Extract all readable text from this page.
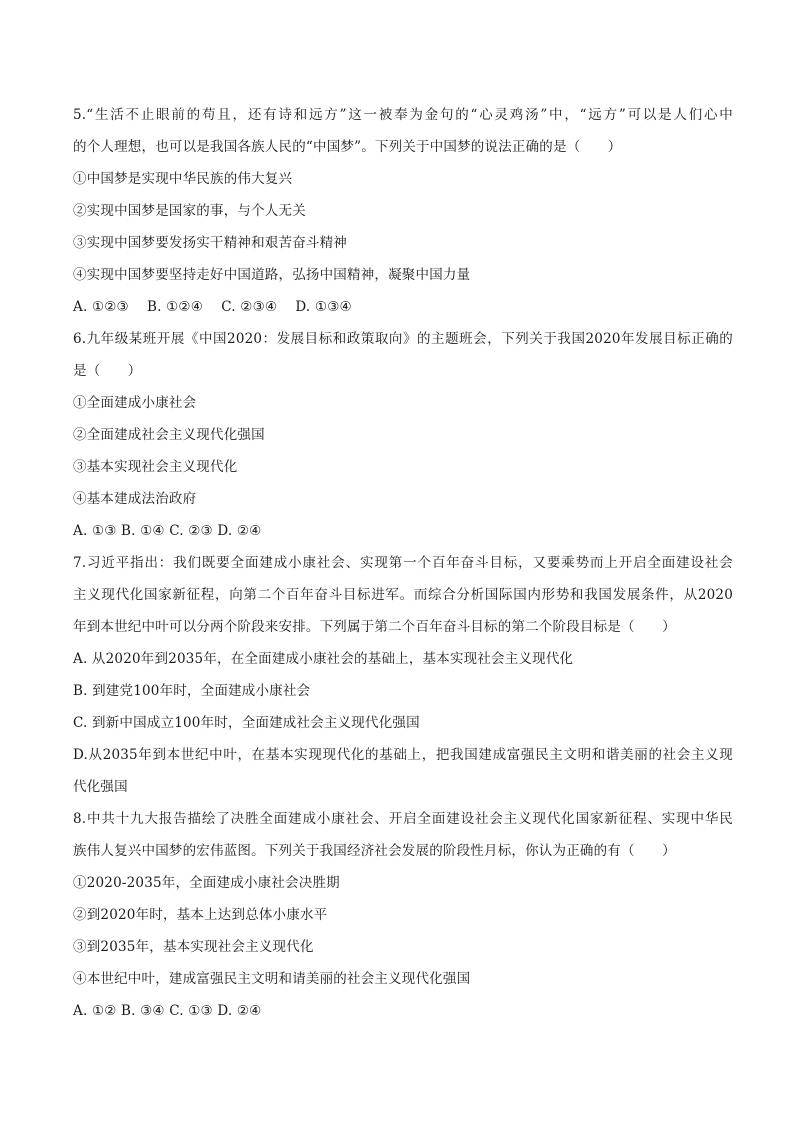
5.“生活不止眼前的苟且，还有诗和远方”这一被奉为金句的“心灵鸡汤”中，“远方”可以是人们心中
的个人理想，也可以是我国各族人民的“中国梦”。下列关于中国梦的说法正确的是（　　）
①中国梦是实现中华民族的伟大复兴
②实现中国梦是国家的事，与个人无关
③实现中国梦要发扬实干精神和艰苦奋斗精神
④实现中国梦要坚持走好中国道路，弘扬中国精神，凝聚中国力量
A. ①②③　 B. ①②④　 C. ②③④　 D. ①③④
6.九年级某班开展《中国2020：发展目标和政策取向》的主题班会，下列关于我国2020年发展目标正确的
是（　　）
①全面建成小康社会
②全面建成社会主义现代化强国
③基本实现社会主义现代化
④基本建成法治政府
A. ①③ B. ①④ C. ②③ D. ②④
7.习近平指出：我们既要全面建成小康社会、实现第一个百年奋斗目标，又要乘势而上开启全面建设社会
主义现代化国家新征程，向第二个百年奋斗目标进军。而综合分析国际国内形势和我国发展条件，从2020
年到本世纪中叶可以分两个阶段来安排。下列属于第二个百年奋斗目标的第二个阶段目标是（　　）
A. 从2020年到2035年，在全面建成小康社会的基础上，基本实现社会主义现代化
B. 到建党100年时，全面建成小康社会
C. 到新中国成立100年时，全面建成社会主义现代化强国
D.从2035年到本世纪中叶，在基本实现现代化的基础上，把我国建成富强民主文明和谐美丽的社会主义现
代化强国
8.中共十九大报告描绘了决胜全面建成小康社会、开启全面建设社会主义现代化国家新征程、实现中华民
族伟人复兴中国梦的宏伟蓝图。下列关于我国经济社会发展的阶段性月标，你认为正确的有（　　）
①2020-2035年，全面建成小康社会决胜期
②到2020年时，基本上达到总体小康水平
③到2035年，基本实现社会主义现代化
④本世纪中叶，建成富强民主文明和请美丽的社会主义现代化强国
A. ①② B. ③④ C. ①③ D. ②④
